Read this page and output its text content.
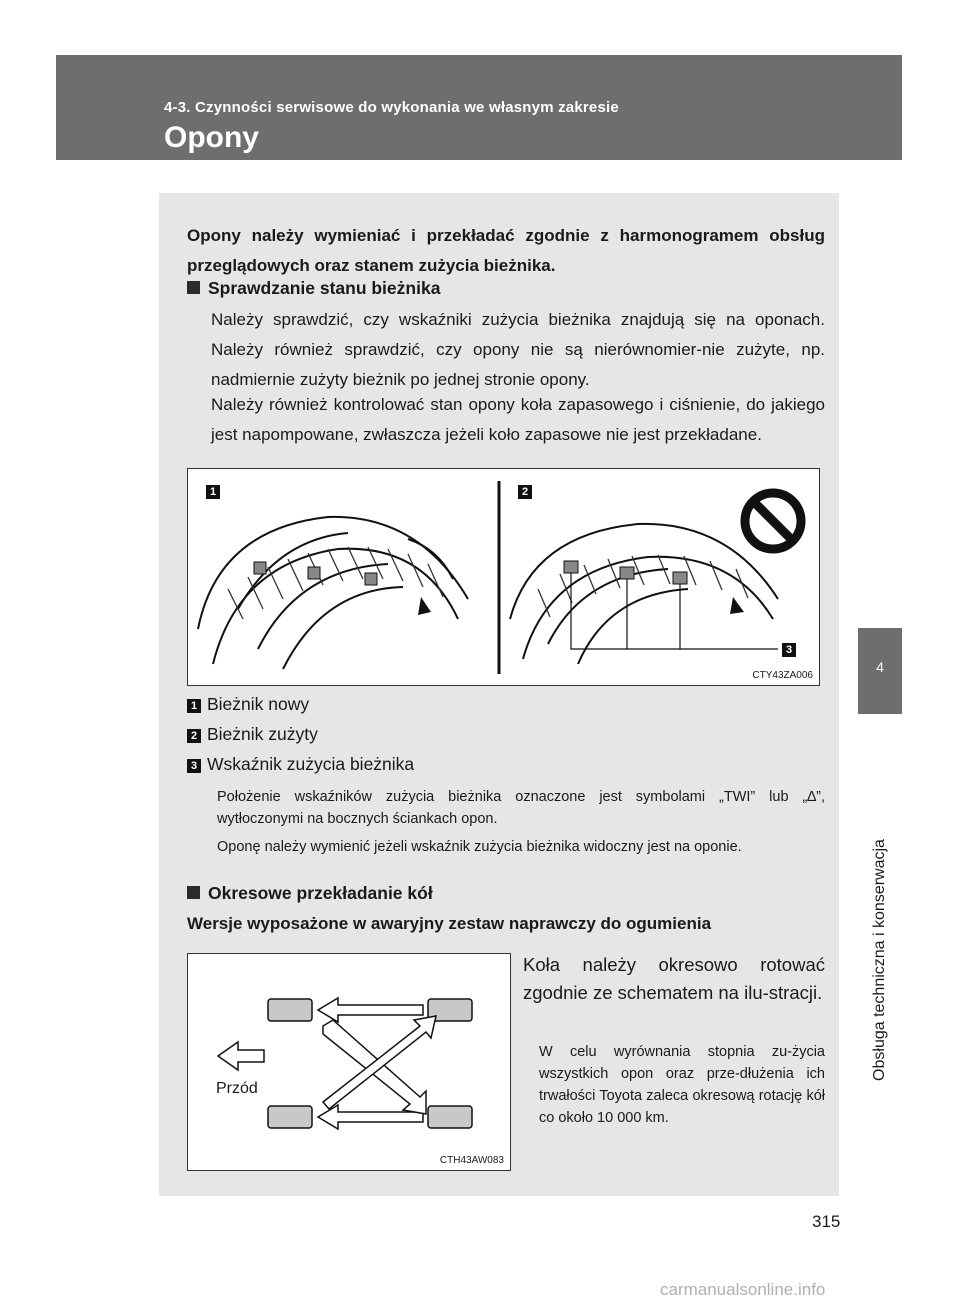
4-3. Czynności serwisowe do wykonania we własnym zakresie
Opony
4
Obsługa techniczna i konserwacja

Opony należy wymieniać i przekładać zgodnie z harmonogramem obsług przeglądowych oraz stanem zużycia bieżnika.

Sprawdzanie stanu bieżnika

Należy sprawdzić, czy wskaźniki zużycia bieżnika znajdują się na oponach. Należy również sprawdzić, czy opony nie są nierównomier-nie zużyte, np. nadmiernie zużyty bieżnik po jednej stronie opony.

Należy również kontrolować stan opony koła zapasowego i ciśnienie, do jakiego jest napompowane, zwłaszcza jeżeli koło zapasowe nie jest przekładane.

1	2
3
CTY43ZA006
1 Bieżnik nowy
2 Bieżnik zużyty
3 Wskaźnik zużycia bieżnika

Położenie wskaźników zużycia bieżnika oznaczone jest symbolami „TWI” lub „∆”, wytłoczonymi na bocznych ściankach opon.

Oponę należy wymienić jeżeli wskaźnik zużycia bieżnika widoczny jest na oponie.

Okresowe przekładanie kół
Wersje wyposażone w awaryjny zestaw naprawczy do ogumienia
Przód
CTH43AW083

Koła należy okresowo rotować zgodnie ze schematem na ilu-stracji.

W celu wyrównania stopnia zu-życia wszystkich opon oraz prze-dłużenia ich trwałości Toyota zaleca okresową rotację kół co około 10 000 km.

315
carmanualsonline.info
